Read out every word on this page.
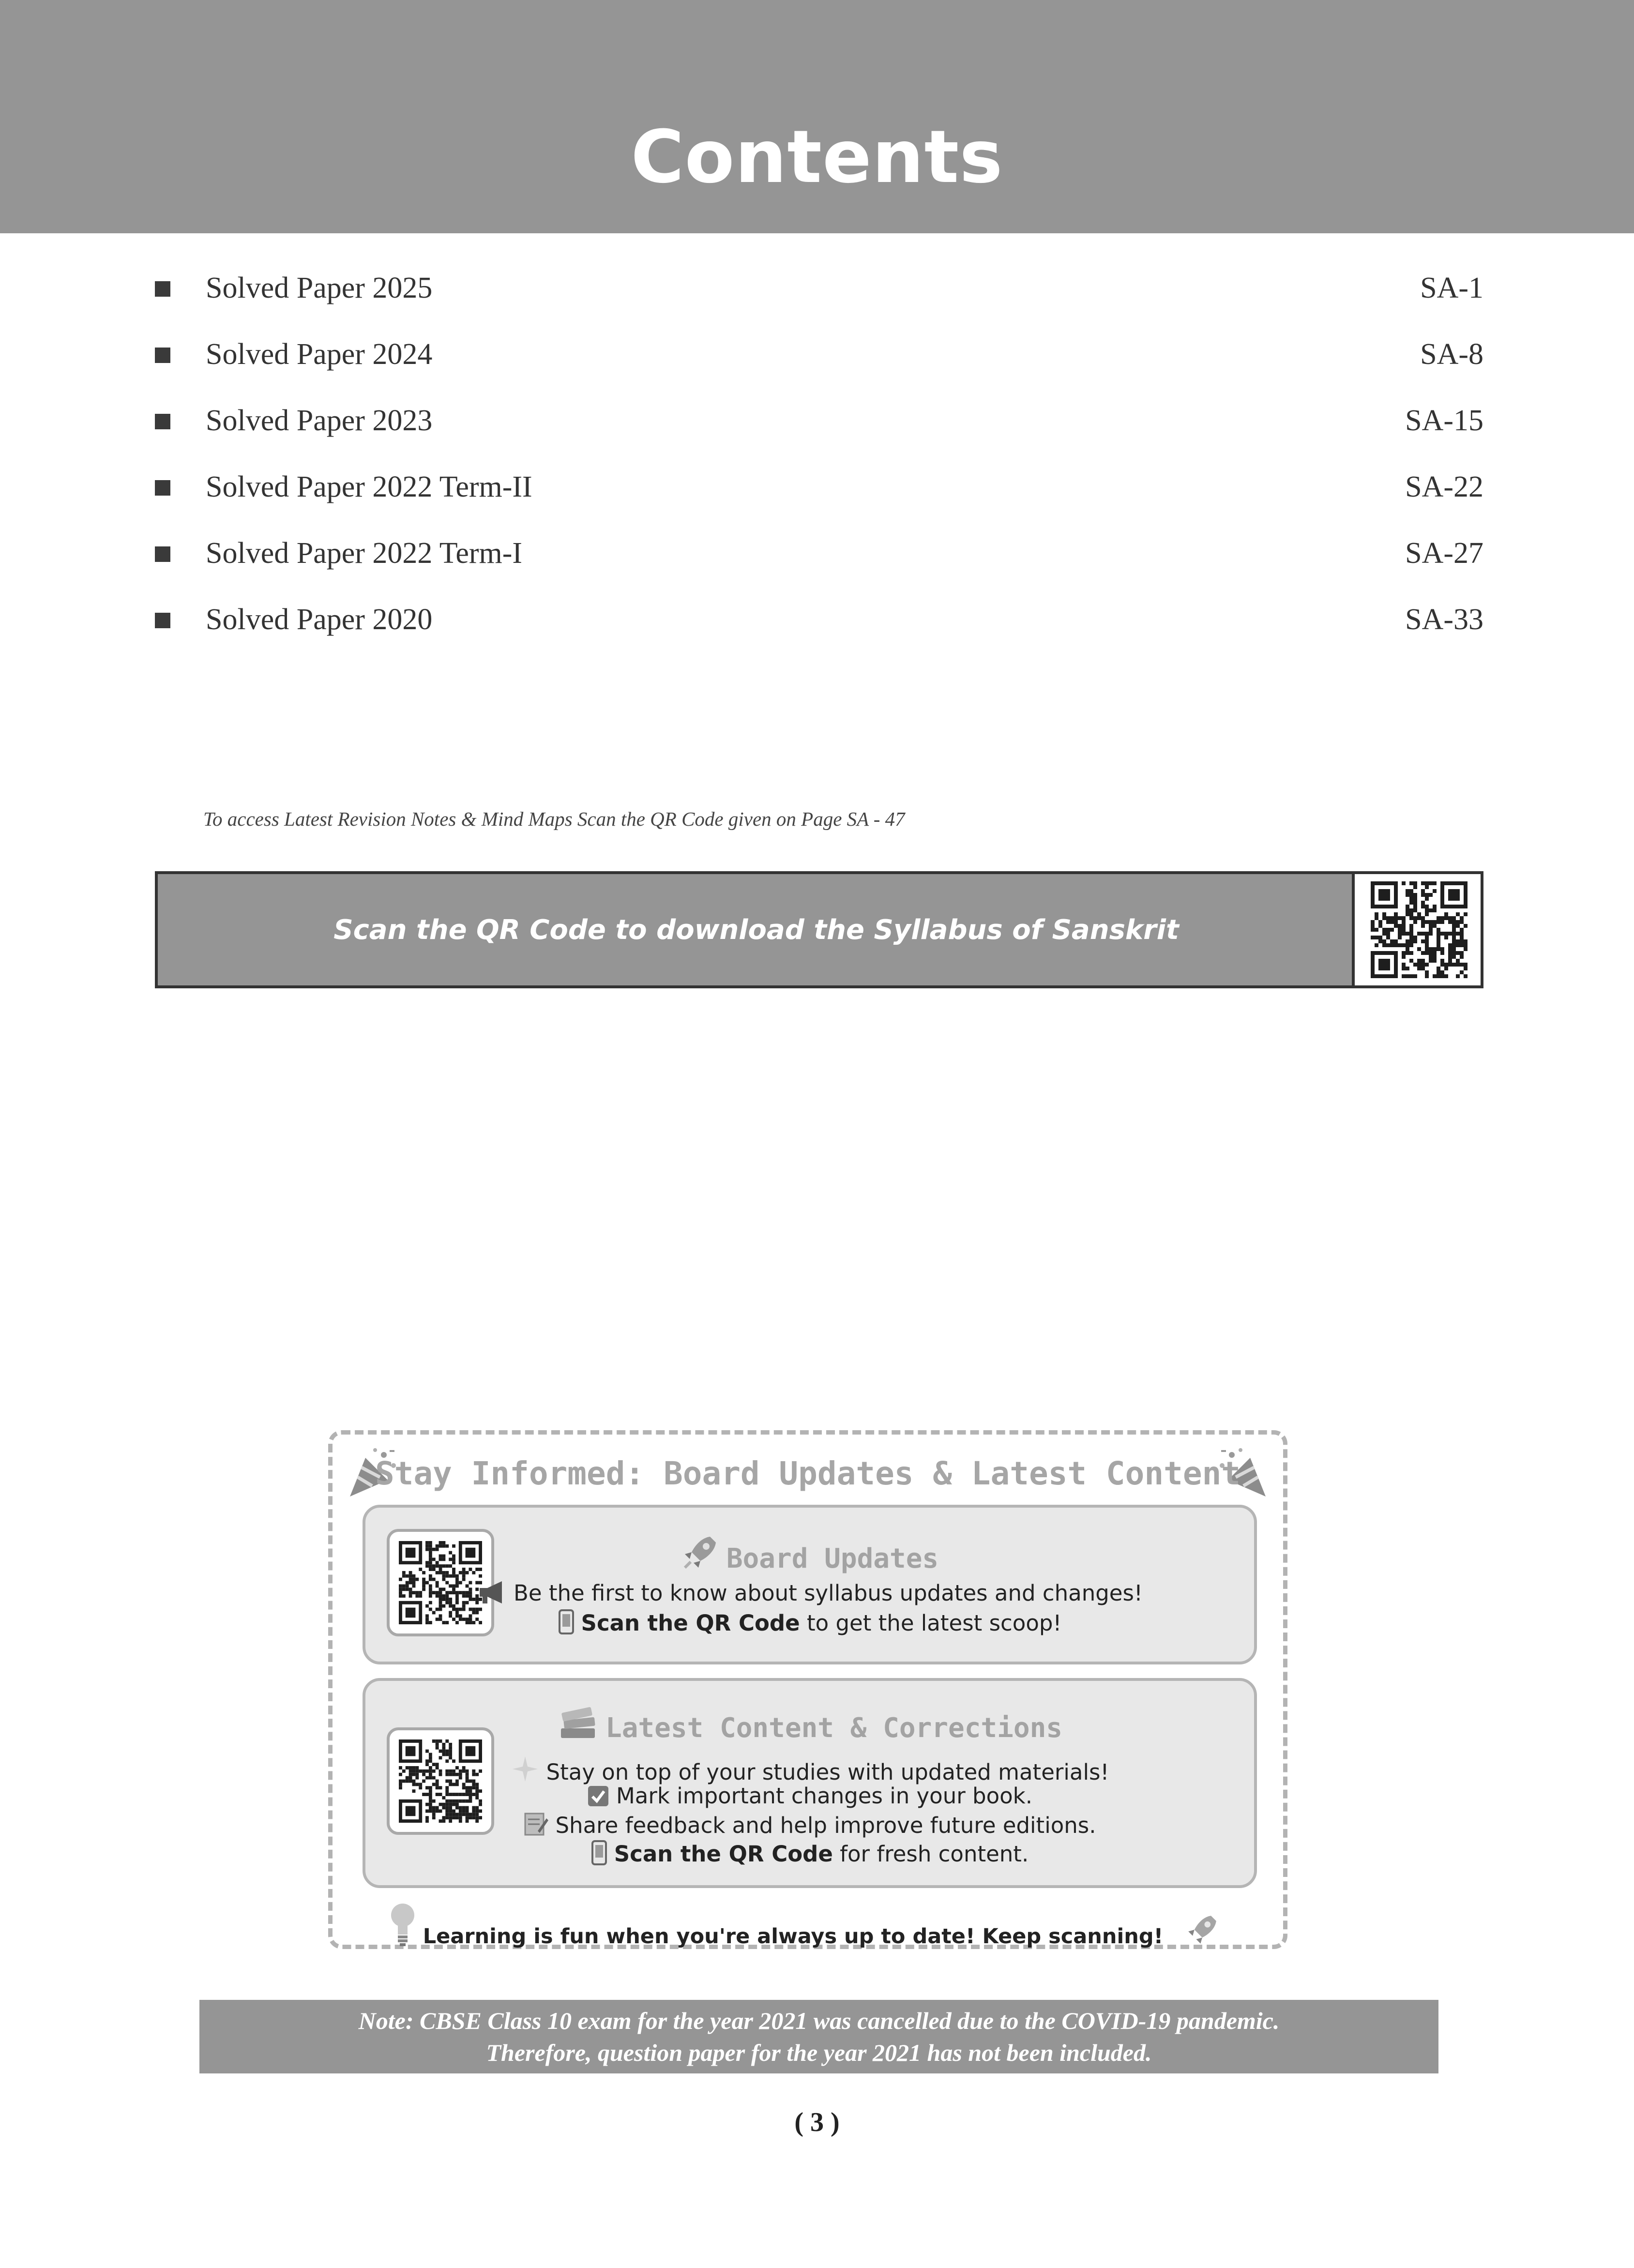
Contents
Solved Paper 2025	SA-1
Solved Paper 2024	SA-8
Solved Paper 2023	SA-15
Solved Paper 2022 Term-II	SA-22
Solved Paper 2022 Term-I	SA-27
Solved Paper 2020	SA-33
To access Latest Revision Notes & Mind Maps Scan the QR Code given on Page SA - 47
Scan the QR Code to download the Syllabus of Sanskrit
Stay Informed: Board Updates & Latest Content
Board Updates
Be the first to know about syllabus updates and changes!
Scan the QR Code to get the latest scoop!
Latest Content & Corrections
Stay on top of your studies with updated materials!
Mark important changes in your book.
Share feedback and help improve future editions.
Scan the QR Code for fresh content.
Learning is fun when you're always up to date! Keep scanning!
Note: CBSE Class 10 exam for the year 2021 was cancelled due to the COVID-19 pandemic.
Therefore, question paper for the year 2021 has not been included.
( 3 )
